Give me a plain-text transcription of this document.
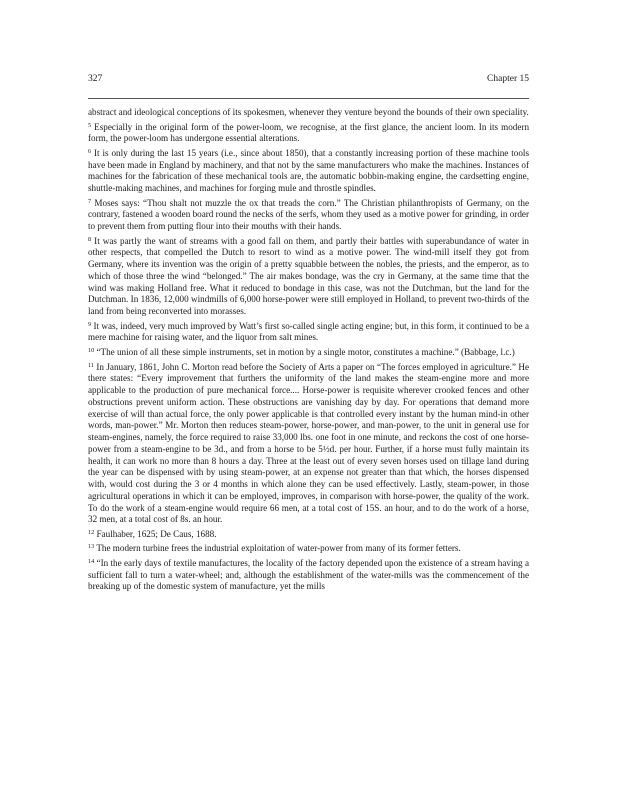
327	Chapter 15

abstract and ideological conceptions of its spokesmen, whenever they venture beyond the bounds of their own speciality.

$^5$ Especially in the original form of the power-loom, we recognise, at the first glance, the ancient loom. In its modern form, the power-loom has undergone essential alterations.

$^6$ It is only during the last 15 years (i.e., since about 1850), that a constantly increasing portion of these machine tools have been made in England by machinery, and that not by the same manufacturers who make the machines. Instances of machines for the fabrication of these mechanical tools are, the automatic bobbin-making engine, the cardsetting engine, shuttle-making machines, and machines for forging mule and throstle spindles.

$^7$ Moses says: “Thou shalt not muzzle the ox that treads the corn.” The Christian philanthropists of Germany, on the contrary, fastened a wooden board round the necks of the serfs, whom they used as a motive power for grinding, in order to prevent them from putting flour into their mouths with their hands.

$^8$ It was partly the want of streams with a good fall on them, and partly their battles with superabundance of water in other respects, that compelled the Dutch to resort to wind as a motive power. The wind-mill itself they got from Germany, where its invention was the origin of a pretty squabble between the nobles, the priests, and the emperor, as to which of those three the wind “belonged.” The air makes bondage, was the cry in Germany, at the same time that the wind was making Holland free. What it reduced to bondage in this case, was not the Dutchman, but the land for the Dutchman. In 1836, 12,000 windmills of 6,000 horse-power were still employed in Holland, to prevent two-thirds of the land from being reconverted into morasses.

$^9$ It was, indeed, very much improved by Watt’s first so-called single acting engine; but, in this form, it continued to be a mere machine for raising water, and the liquor from salt mines.

$^{10}$ “The union of all these simple instruments, set in motion by a single motor, constitutes a machine.” (Babbage, l.c.)

$^{11}$ In January, 1861, John C. Morton read before the Society of Arts a paper on “The forces employed in agriculture.” He there states: “Every improvement that furthers the uniformity of the land makes the steam-engine more and more applicable to the production of pure mechanical force.... Horse-power is requisite wherever crooked fences and other obstructions prevent uniform action. These obstructions are vanishing day by day. For operations that demand more exercise of will than actual force, the only power applicable is that controlled every instant by the human mind-in other words, man-power.” Mr. Morton then reduces steam-power, horse-power, and man-power, to the unit in general use for steam-engines, namely, the force required to raise 33,000 lbs. one foot in one minute, and reckons the cost of one horse-power from a steam-engine to be 3d., and from a horse to be 5½d. per hour. Further, if a horse must fully maintain its health, it can work no more than 8 hours a day. Three at the least out of every seven horses used on tillage land during the year can be dispensed with by using steam-power, at an expense not greater than that which, the horses dispensed with, would cost during the 3 or 4 months in which alone they can be used effectively. Lastly, steam-power, in those agricultural operations in which it can be employed, improves, in comparison with horse-power, the quality of the work. To do the work of a steam-engine would require 66 men, at a total cost of 15S. an hour, and to do the work of a horse, 32 men, at a total cost of 8s. an hour.

$^{12}$ Faulhaber, 1625; De Caus, 1688.

$^{13}$ The modern turbine frees the industrial exploitation of water-power from many of its former fetters.

$^{14}$ “In the early days of textile manufactures, the locality of the factory depended upon the existence of a stream having a sufficient fall to turn a water-wheel; and, although the establishment of the water-mills was the commencement of the breaking up of the domestic system of manufacture, yet the mills
